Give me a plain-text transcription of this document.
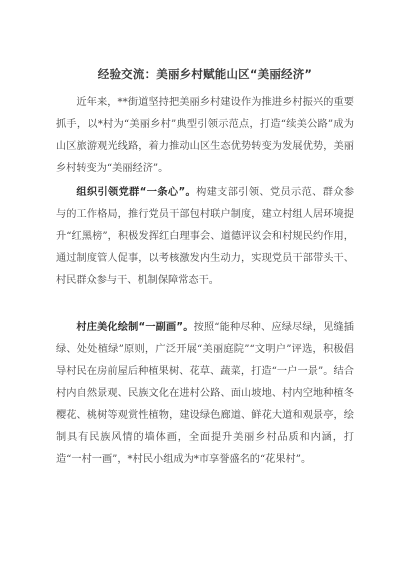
经验交流：美丽乡村赋能山区“美丽经济”

近年来，**街道坚持把美丽乡村建设作为推进乡村振兴的重要抓手，以*村为“美丽乡村”典型引领示范点，打造“续美公路”成为山区旅游观光线路，着力推动山区生态优势转变为发展优势，美丽乡村转变为“美丽经济”。

组织引领党群“一条心”。构建支部引领、党员示范、群众参与的工作格局，推行党员干部包村联户制度，建立村组人居环境提升“红黑榜”，积极发挥红白理事会、道德评议会和村规民约作用，通过制度管人促事，以考核激发内生动力，实现党员干部带头干、村民群众参与干、机制保障常态干。

村庄美化绘制“一副画”。按照“能种尽种、应绿尽绿，见缝插绿、处处植绿”原则，广泛开展“美丽庭院”“文明户”评选，积极倡导村民在房前屋后种植果树、花草、蔬菜，打造“一户一景”。结合村内自然景观、民族文化在进村公路、面山坡地、村内空地种植冬樱花、桃树等观赏性植物，建设绿色廊道、鲜花大道和观景亭，绘制具有民族风情的墙体画，全面提升美丽乡村品质和内涵，打造“一村一画”，*村民小组成为*市享誉盛名的“花果村”。
